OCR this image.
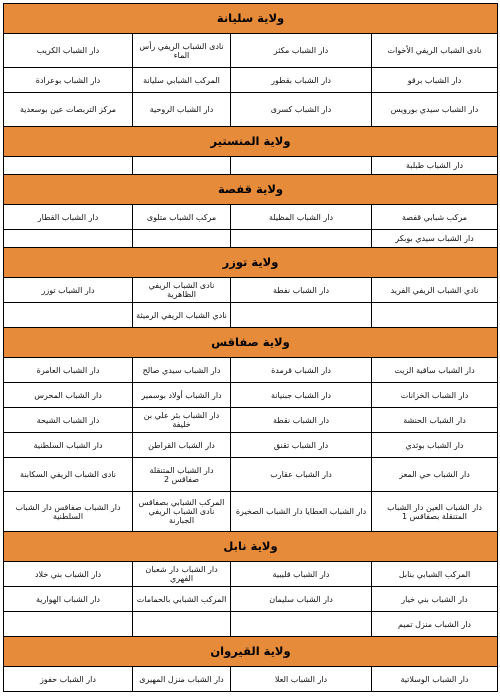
ولاية سليانة			
نادى الشباب الريفي الأخوات	دار الشباب مكثر	نادى الشباب الريفي رأس الماء	دار الشباب الكريب
دار الشباب برقو	دار الشباب بقطور	المركب الشبابي سليانة	دار الشباب بوعرادة
دار الشباب سيدي بورويس	دار الشباب كسرى	دار الشباب الروحية	مركز التربصات عين بوسعدية
ولاية المنستير			
دار الشباب طبلبة			
ولاية قفصة			
مركب شبابي قفصة	دار الشباب المظيلة	مركب الشباب متلوى	دار الشباب القطار
دار الشباب سيدي بوبكر			
ولاية توزر			
نادي الشباب الريفي الفريد	دار الشباب نفطة	نادى الشباب الريفي الظاهرية	دار الشباب توزر
		نادي الشباب الريفي الرميثة	
ولاية صفاقس			
دار الشباب ساقية الزيت	دار الشباب قرمدة	دار الشباب سيدي صالح	دار الشباب العامرة
دار الشباب الخزانات	دار الشباب جبنيانة	دار الشباب أولاد بوسمير	دار الشباب المحرس
دار الشباب الحنشة	دار الشباب نقطة	دار الشباب بئر علي بن خليفة	دار الشباب الشيحة
دار الشباب بوثدي	دار الشباب تقنق	دار الشباب القراطن	دار الشباب السلطنية
دار الشباب حي المعز	دار الشباب عقارب	دار الشباب المتنقلة صفاقس 2	نادى الشباب الريفي السكابنة
دار الشباب العين دار الشباب المتنقلة بصفاقس 1	دار الشباب العطايا دار الشباب الصخيرة	المركب الشبابي بصفاقس نادى الشباب الريفي الجبارنة	دار الشباب صفاقس دار الشباب السلطنية
ولاية نابل			
المركب الشبابي بنابل	دار الشباب قليبية	دار الشباب دار شعبان الفهري	دار الشباب بني خلاد
دار الشباب بني خيار	دار الشباب سليمان	المركب الشبابي بالحمامات	دار الشباب الهوارية
دار الشباب منزل تميم			
ولاية القيروان			
دار الشباب الوسلاتية	دار الشباب العلا	دار الشباب منزل المهيرى	دار الشباب حفوز
